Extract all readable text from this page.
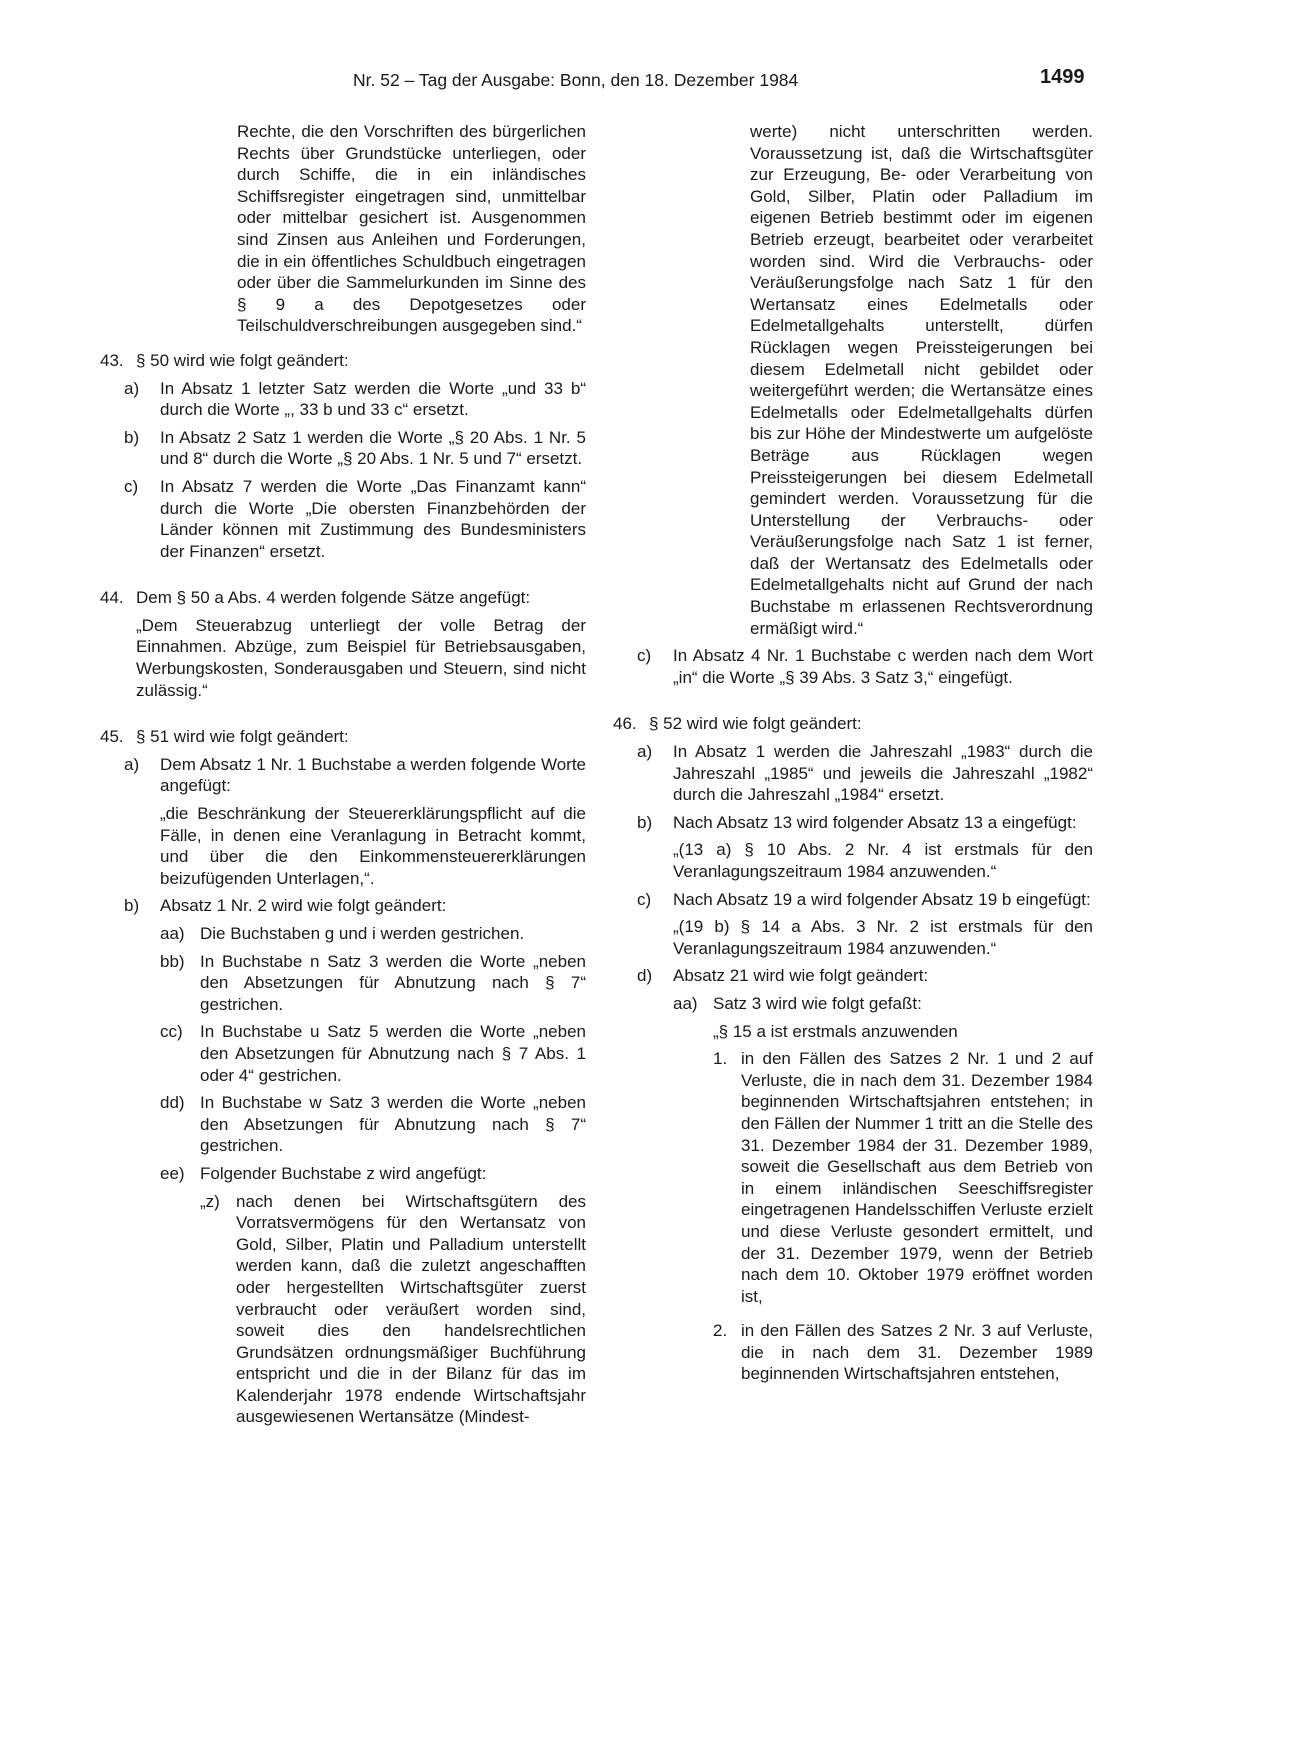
Nr. 52 – Tag der Ausgabe: Bonn, den 18. Dezember 1984	1499

Rechte, die den Vorschriften des bürgerlichen Rechts über Grundstücke unterliegen, oder durch Schiffe, die in ein inländisches Schiffsregister eingetragen sind, unmittelbar oder mittelbar gesichert ist. Ausgenommen sind Zinsen aus Anleihen und Forderungen, die in ein öffentliches Schuldbuch eingetragen oder über die Sammelurkunden im Sinne des § 9 a des Depotgesetzes oder Teilschuldverschreibungen ausgegeben sind.“

43. § 50 wird wie folgt geändert:

a) In Absatz 1 letzter Satz werden die Worte „und 33 b“ durch die Worte „, 33 b und 33 c“ ersetzt.

b) In Absatz 2 Satz 1 werden die Worte „§ 20 Abs. 1 Nr. 5 und 8“ durch die Worte „§ 20 Abs. 1 Nr. 5 und 7“ ersetzt.

c) In Absatz 7 werden die Worte „Das Finanzamt kann“ durch die Worte „Die obersten Finanzbehörden der Länder können mit Zustimmung des Bundesministers der Finanzen“ ersetzt.

44. Dem § 50 a Abs. 4 werden folgende Sätze angefügt:

„Dem Steuerabzug unterliegt der volle Betrag der Einnahmen. Abzüge, zum Beispiel für Betriebsausgaben, Werbungskosten, Sonderausgaben und Steuern, sind nicht zulässig.“

45. § 51 wird wie folgt geändert:

a) Dem Absatz 1 Nr. 1 Buchstabe a werden folgende Worte angefügt:

„die Beschränkung der Steuererklärungspflicht auf die Fälle, in denen eine Veranlagung in Betracht kommt, und über die den Einkommensteuererklärungen beizufügenden Unterlagen,“.

b) Absatz 1 Nr. 2 wird wie folgt geändert:

aa) Die Buchstaben g und i werden gestrichen.

bb) In Buchstabe n Satz 3 werden die Worte „neben den Absetzungen für Abnutzung nach § 7“ gestrichen.

cc) In Buchstabe u Satz 5 werden die Worte „neben den Absetzungen für Abnutzung nach § 7 Abs. 1 oder 4“ gestrichen.

dd) In Buchstabe w Satz 3 werden die Worte „neben den Absetzungen für Abnutzung nach § 7“ gestrichen.

ee) Folgender Buchstabe z wird angefügt:

„z) nach denen bei Wirtschaftsgütern des Vorratsvermögens für den Wertansatz von Gold, Silber, Platin und Palladium unterstellt werden kann, daß die zuletzt angeschafften oder hergestellten Wirtschaftsgüter zuerst verbraucht oder veräußert worden sind, soweit dies den handelsrechtlichen Grundsätzen ordnungsmäßiger Buchführung entspricht und die in der Bilanz für das im Kalenderjahr 1978 endende Wirtschaftsjahr ausgewiesenen Wertansätze (Mindest-

werte) nicht unterschritten werden. Voraussetzung ist, daß die Wirtschaftsgüter zur Erzeugung, Be- oder Verarbeitung von Gold, Silber, Platin oder Palladium im eigenen Betrieb bestimmt oder im eigenen Betrieb erzeugt, bearbeitet oder verarbeitet worden sind. Wird die Verbrauchs- oder Veräußerungsfolge nach Satz 1 für den Wertansatz eines Edelmetalls oder Edelmetallgehalts unterstellt, dürfen Rücklagen wegen Preissteigerungen bei diesem Edelmetall nicht gebildet oder weitergeführt werden; die Wertansätze eines Edelmetalls oder Edelmetallgehalts dürfen bis zur Höhe der Mindestwerte um aufgelöste Beträge aus Rücklagen wegen Preissteigerungen bei diesem Edelmetall gemindert werden. Voraussetzung für die Unterstellung der Verbrauchs- oder Veräußerungsfolge nach Satz 1 ist ferner, daß der Wertansatz des Edelmetalls oder Edelmetallgehalts nicht auf Grund der nach Buchstabe m erlassenen Rechtsverordnung ermäßigt wird.“

c) In Absatz 4 Nr. 1 Buchstabe c werden nach dem Wort „in“ die Worte „§ 39 Abs. 3 Satz 3,“ eingefügt.

46. § 52 wird wie folgt geändert:

a) In Absatz 1 werden die Jahreszahl „1983“ durch die Jahreszahl „1985“ und jeweils die Jahreszahl „1982“ durch die Jahreszahl „1984“ ersetzt.

b) Nach Absatz 13 wird folgender Absatz 13 a eingefügt:

„(13 a) § 10 Abs. 2 Nr. 4 ist erstmals für den Veranlagungszeitraum 1984 anzuwenden.“

c) Nach Absatz 19 a wird folgender Absatz 19 b eingefügt:

„(19 b) § 14 a Abs. 3 Nr. 2 ist erstmals für den Veranlagungszeitraum 1984 anzuwenden.“

d) Absatz 21 wird wie folgt geändert:

aa) Satz 3 wird wie folgt gefaßt:

„§ 15 a ist erstmals anzuwenden

1. in den Fällen des Satzes 2 Nr. 1 und 2 auf Verluste, die in nach dem 31. Dezember 1984 beginnenden Wirtschaftsjahren entstehen; in den Fällen der Nummer 1 tritt an die Stelle des 31. Dezember 1984 der 31. Dezember 1989, soweit die Gesellschaft aus dem Betrieb von in einem inländischen Seeschiffsregister eingetragenen Handelsschiffen Verluste erzielt und diese Verluste gesondert ermittelt, und der 31. Dezember 1979, wenn der Betrieb nach dem 10. Oktober 1979 eröffnet worden ist,

2. in den Fällen des Satzes 2 Nr. 3 auf Verluste, die in nach dem 31. Dezember 1989 beginnenden Wirtschaftsjahren entstehen,
